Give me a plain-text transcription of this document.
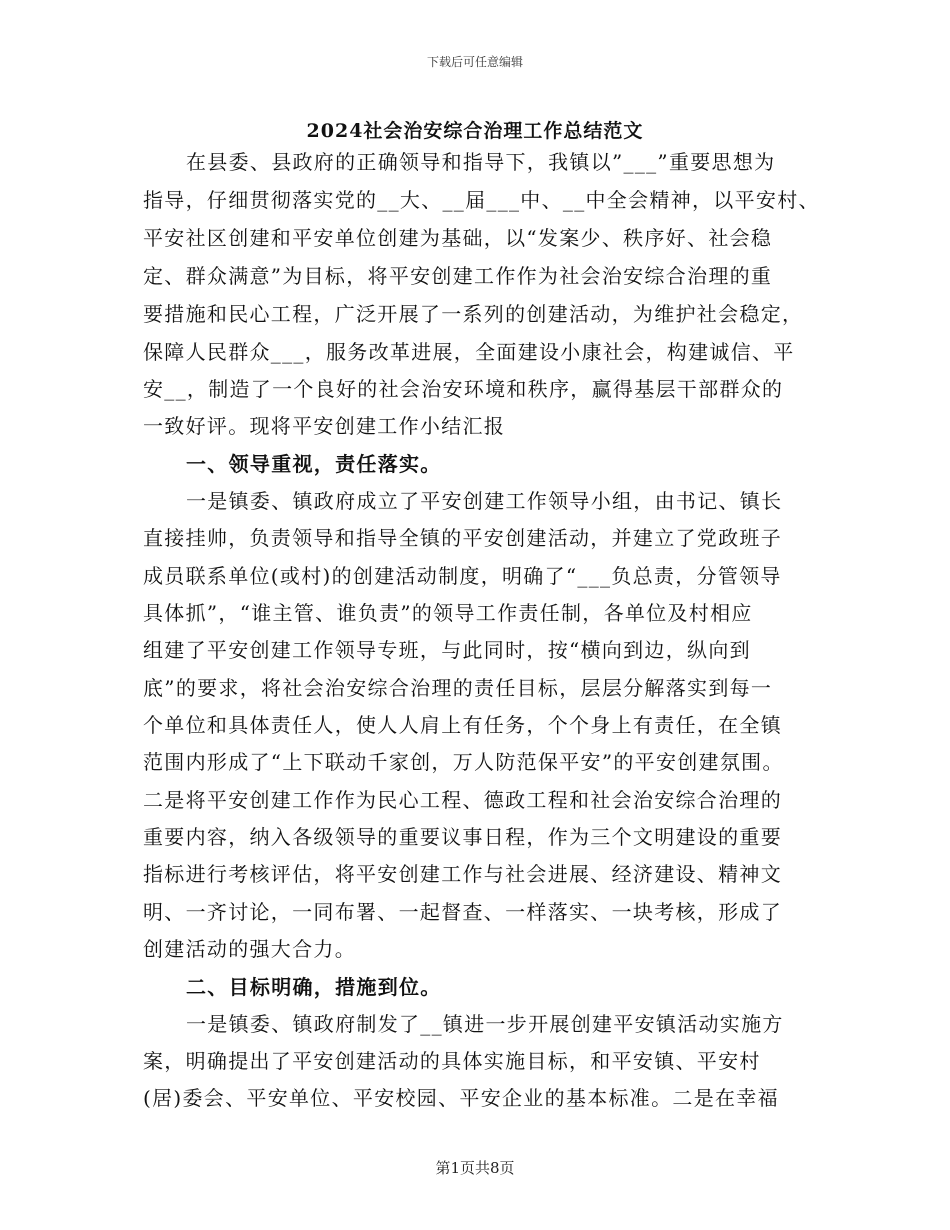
下载后可任意编辑
2024社会治安综合治理工作总结范文
在县委、县政府的正确领导和指导下，我镇以”___”重要思想为
指导，仔细贯彻落实党的__大、__届___中、__中全会精神，以平安村、
平安社区创建和平安单位创建为基础，以“发案少、秩序好、社会稳
定、群众满意”为目标，将平安创建工作作为社会治安综合治理的重
要措施和民心工程，广泛开展了一系列的创建活动，为维护社会稳定，
保障人民群众___，服务改革进展，全面建设小康社会，构建诚信、平
安__，制造了一个良好的社会治安环境和秩序，赢得基层干部群众的
一致好评。现将平安创建工作小结汇报
一、领导重视，责任落实。
一是镇委、镇政府成立了平安创建工作领导小组，由书记、镇长
直接挂帅，负责领导和指导全镇的平安创建活动，并建立了党政班子
成员联系单位(或村)的创建活动制度，明确了“___负总责，分管领导
具体抓”，“谁主管、谁负责”的领导工作责任制，各单位及村相应
组建了平安创建工作领导专班，与此同时，按“横向到边，纵向到
底”的要求，将社会治安综合治理的责任目标，层层分解落实到每一
个单位和具体责任人，使人人肩上有任务，个个身上有责任，在全镇
范围内形成了“上下联动千家创，万人防范保平安”的平安创建氛围。
二是将平安创建工作作为民心工程、德政工程和社会治安综合治理的
重要内容，纳入各级领导的重要议事日程，作为三个文明建设的重要
指标进行考核评估，将平安创建工作与社会进展、经济建设、精神文
明、一齐讨论，一同布署、一起督查、一样落实、一块考核，形成了
创建活动的强大合力。
二、目标明确，措施到位。
一是镇委、镇政府制发了__镇进一步开展创建平安镇活动实施方
案，明确提出了平安创建活动的具体实施目标，和平安镇、平安村
(居)委会、平安单位、平安校园、平安企业的基本标准。二是在幸福
第1页共8页
